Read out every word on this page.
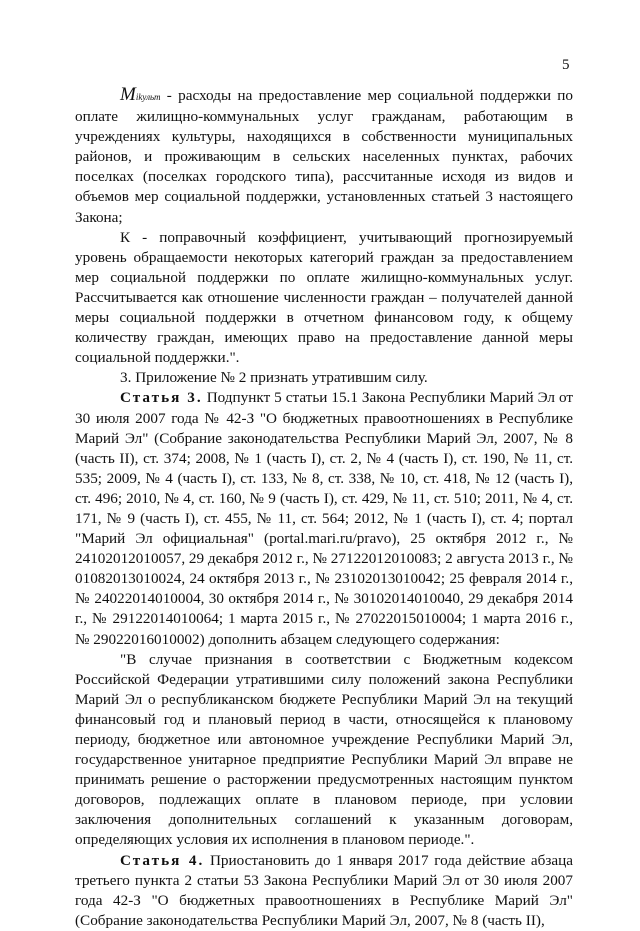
5

Mikульт - расходы на предоставление мер социальной поддержки по оплате жилищно-коммунальных услуг гражданам, работающим в учреждениях культуры, находящихся в собственности муниципальных районов, и проживающим в сельских населенных пунктах, рабочих поселках (поселках городского типа), рассчитанные исходя из видов и объемов мер социальной поддержки, установленных статьей 3 настоящего Закона;

К - поправочный коэффициент, учитывающий прогнозируемый уровень обращаемости некоторых категорий граждан за предоставлением мер социальной поддержки по оплате жилищно-коммунальных услуг. Рассчитывается как отношение численности граждан – получателей данной меры социальной поддержки в отчетном финансовом году, к общему количеству граждан, имеющих право на предоставление данной меры социальной поддержки.".

3. Приложение № 2 признать утратившим силу.

Статья 3. Подпункт 5 статьи 15.1 Закона Республики Марий Эл от 30 июля 2007 года № 42-З "О бюджетных правоотношениях в Республике Марий Эл" (Собрание законодательства Республики Марий Эл, 2007, № 8 (часть II), ст. 374; 2008, № 1 (часть I), ст. 2, № 4 (часть I), ст. 190, № 11, ст. 535; 2009, № 4 (часть I), ст. 133, № 8, ст. 338, № 10, ст. 418, № 12 (часть I), ст. 496; 2010, № 4, ст. 160, № 9 (часть I), ст. 429, № 11, ст. 510; 2011, № 4, ст. 171, № 9 (часть I), ст. 455, № 11, ст. 564; 2012, № 1 (часть I), ст. 4; портал "Марий Эл официальная" (portal.mari.ru/pravo), 25 октября 2012 г., № 24102012010057, 29 декабря 2012 г., № 27122012010083; 2 августа 2013 г., № 01082013010024, 24 октября 2013 г., № 23102013010042; 25 февраля 2014 г., № 24022014010004, 30 октября 2014 г., № 30102014010040, 29 декабря 2014 г., № 29122014010064; 1 марта 2015 г., № 27022015010004; 1 марта 2016 г., № 29022016010002) дополнить абзацем следующего содержания:

"В случае признания в соответствии с Бюджетным кодексом Российской Федерации утратившими силу положений закона Республики Марий Эл о республиканском бюджете Республики Марий Эл на текущий финансовый год и плановый период в части, относящейся к плановому периоду, бюджетное или автономное учреждение Республики Марий Эл, государственное унитарное предприятие Республики Марий Эл вправе не принимать решение о расторжении предусмотренных настоящим пунктом договоров, подлежащих оплате в плановом периоде, при условии заключения дополнительных соглашений к указанным договорам, определяющих условия их исполнения в плановом периоде.".

Статья 4. Приостановить до 1 января 2017 года действие абзаца третьего пункта 2 статьи 53 Закона Республики Марий Эл от 30 июля 2007 года 42-З "О бюджетных правоотношениях в Республике Марий Эл" (Собрание законодательства Республики Марий Эл, 2007, № 8 (часть II),
